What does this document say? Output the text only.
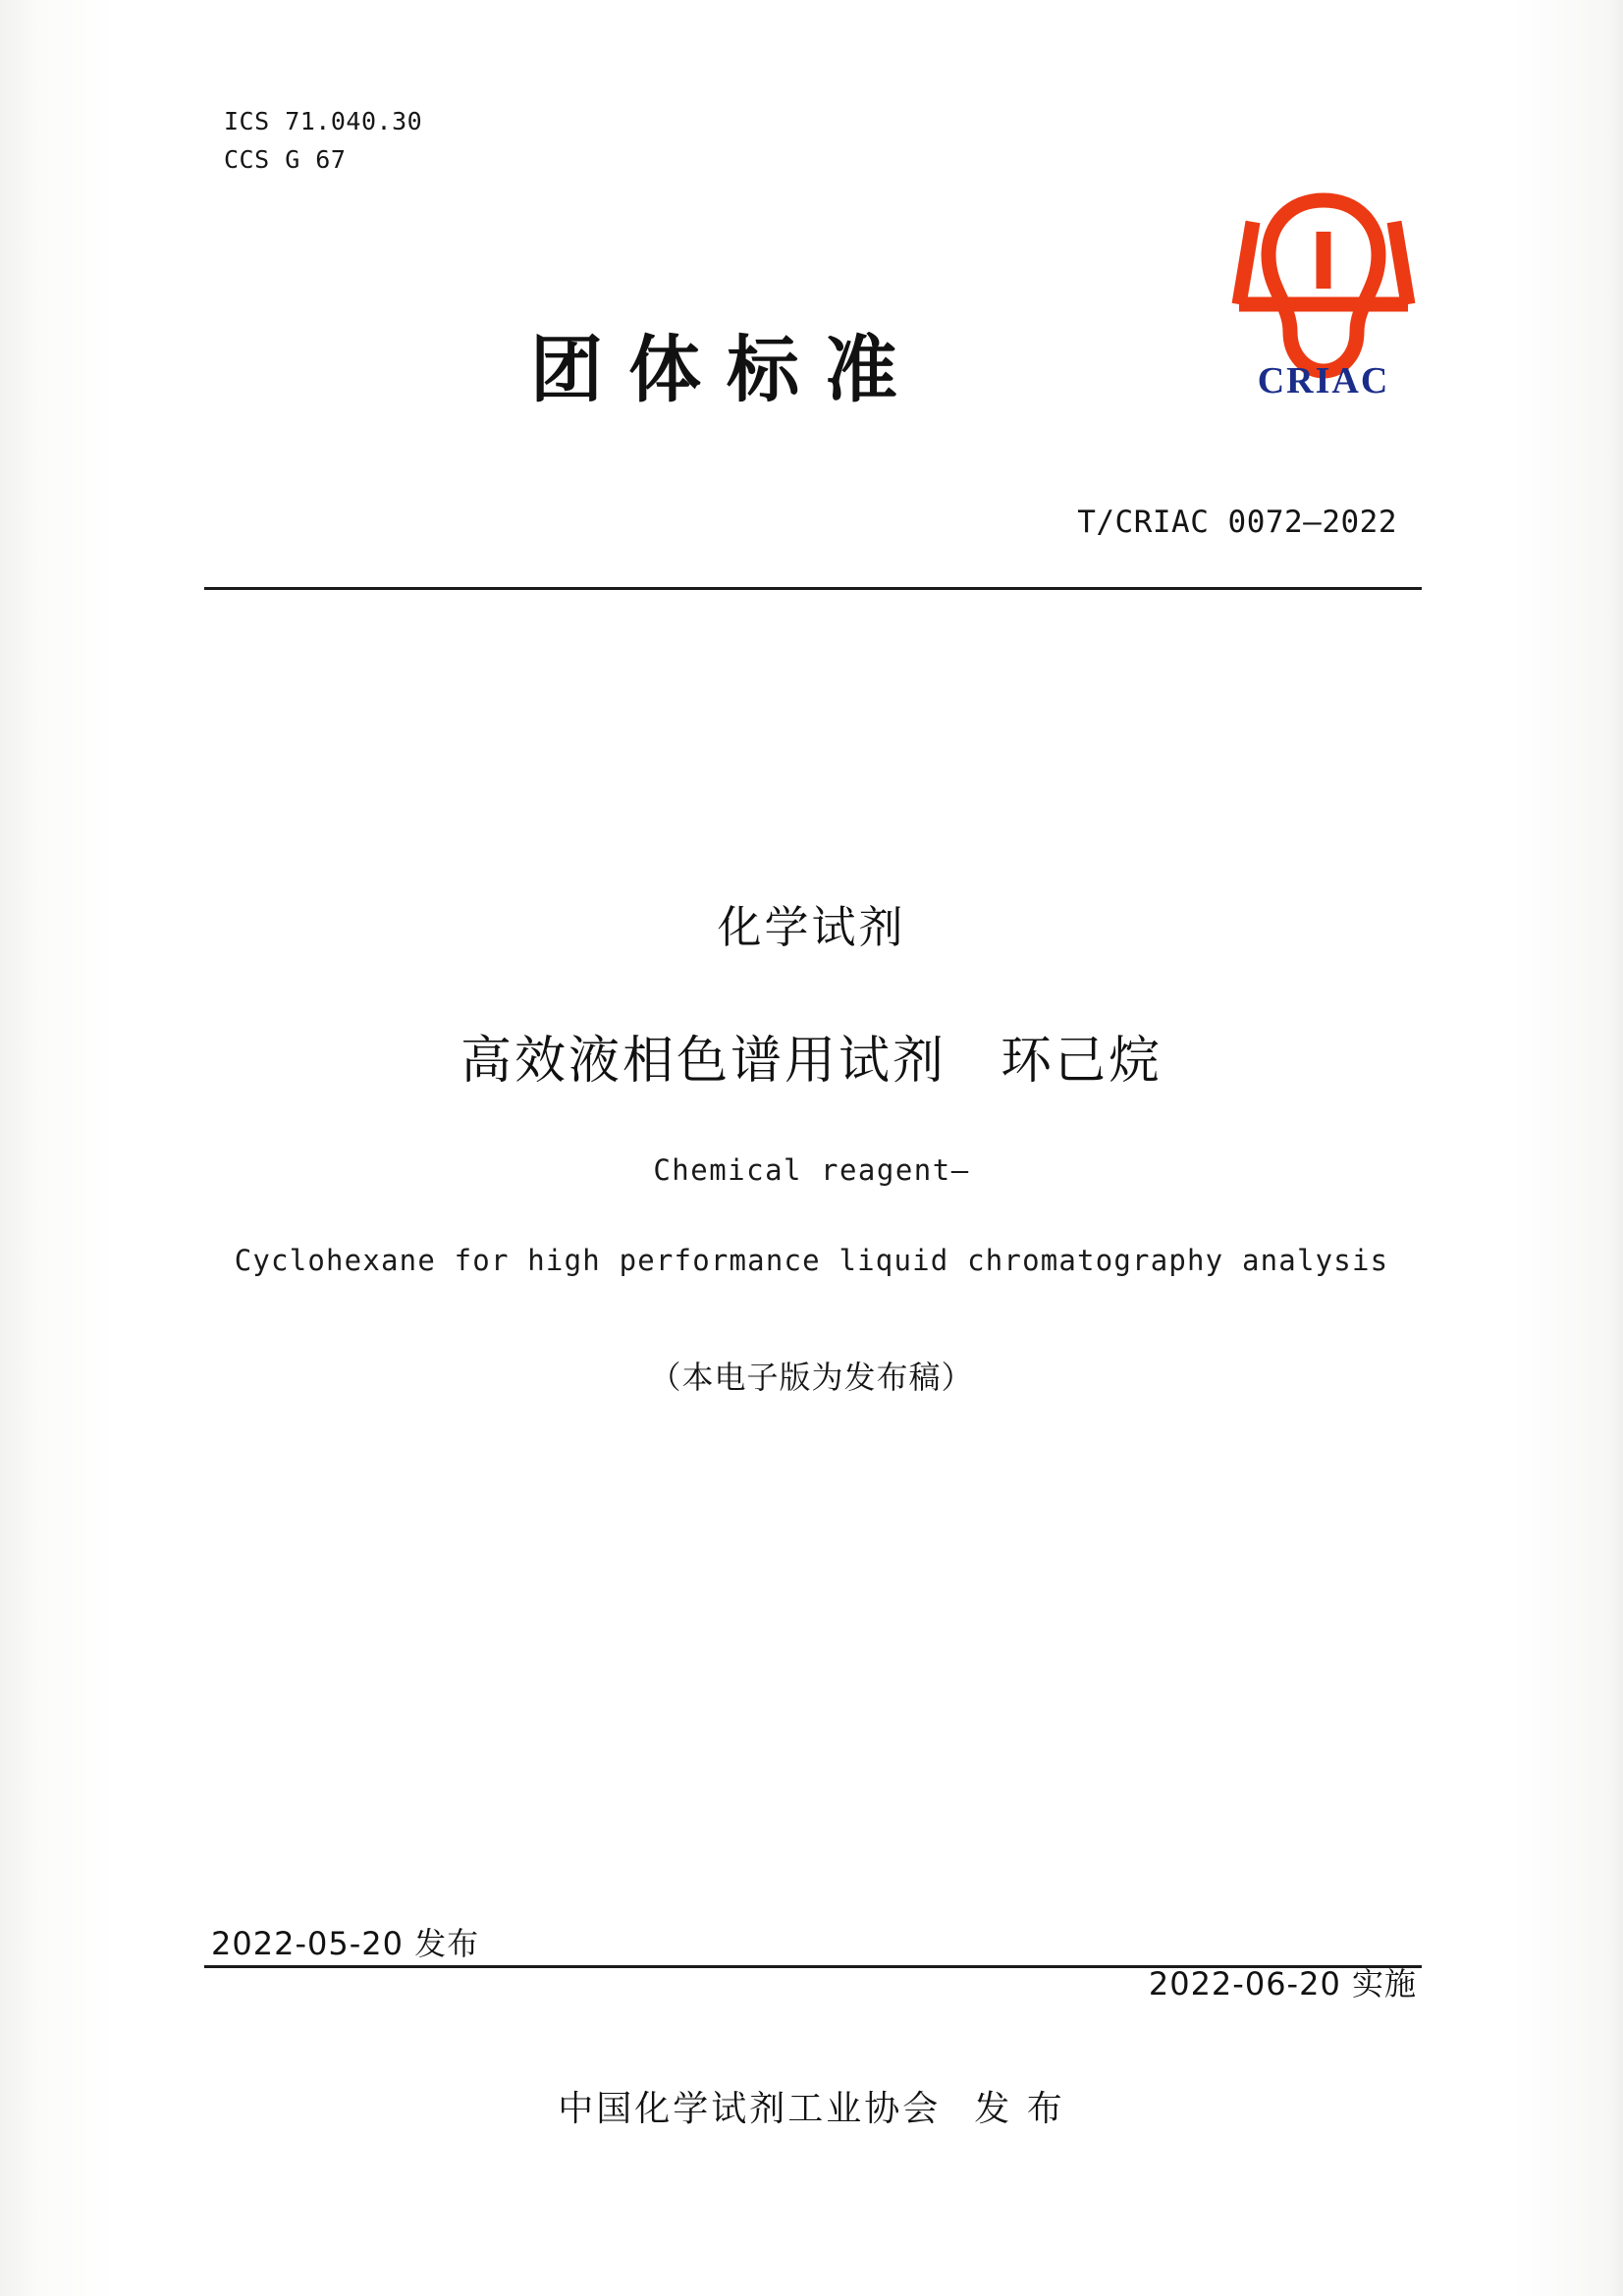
ICS 71.040.30
CCS G 67
团体标准	CRIAC
T/CRIAC 0072—2022
化学试剂
高效液相色谱用试剂　环己烷
Chemical reagent—
Cyclohexane for high performance liquid chromatography analysis
（本电子版为发布稿）
2022-05-20 发布
2022-06-20 实施
中国化学试剂工业协会 发 布
